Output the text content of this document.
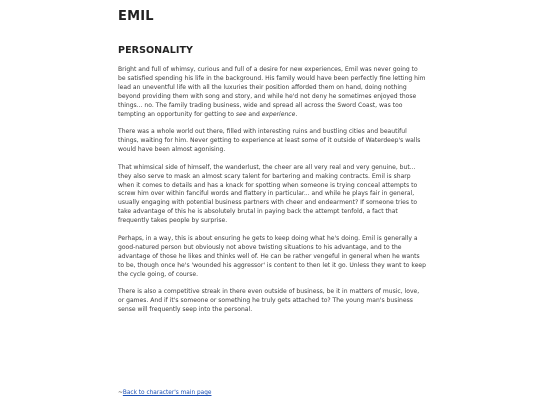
EMIL
PERSONALITY

Bright and full of whimsy, curious and full of a desire for new experiences, Emil was never going to be satisfied spending his life in the background. His family would have been perfectly fine letting him lead an uneventful life with all the luxuries their position afforded them on hand, doing nothing beyond providing them with song and story, and while he'd not deny he sometimes enjoyed those things... no. The family trading business, wide and spread all across the Sword Coast, was too tempting an opportunity for getting to see and experience.

There was a whole world out there, filled with interesting ruins and bustling cities and beautiful things, waiting for him. Never getting to experience at least some of it outside of Waterdeep's walls would have been almost agonising.

That whimsical side of himself, the wanderlust, the cheer are all very real and very genuine, but... they also serve to mask an almost scary talent for bartering and making contracts. Emil is sharp when it comes to details and has a knack for spotting when someone is trying conceal attempts to screw him over within fanciful words and flattery in particular... and while he plays fair in general, usually engaging with potential business partners with cheer and endearment? If someone tries to take advantage of this he is absolutely brutal in paying back the attempt tenfold, a fact that frequently takes people by surprise.

Perhaps, in a way, this is about ensuring he gets to keep doing what he's doing. Emil is generally a good-natured person but obviously not above twisting situations to his advantage, and to the advantage of those he likes and thinks well of. He can be rather vengeful in general when he wants to be, though once he's 'wounded his aggressor' is content to then let it go. Unless they want to keep the cycle going, of course.

There is also a competitive streak in there even outside of business, be it in matters of music, love, or games. And if it's someone or something he truly gets attached to? The young man's business sense will frequently seep into the personal.

~Back to character's main page
